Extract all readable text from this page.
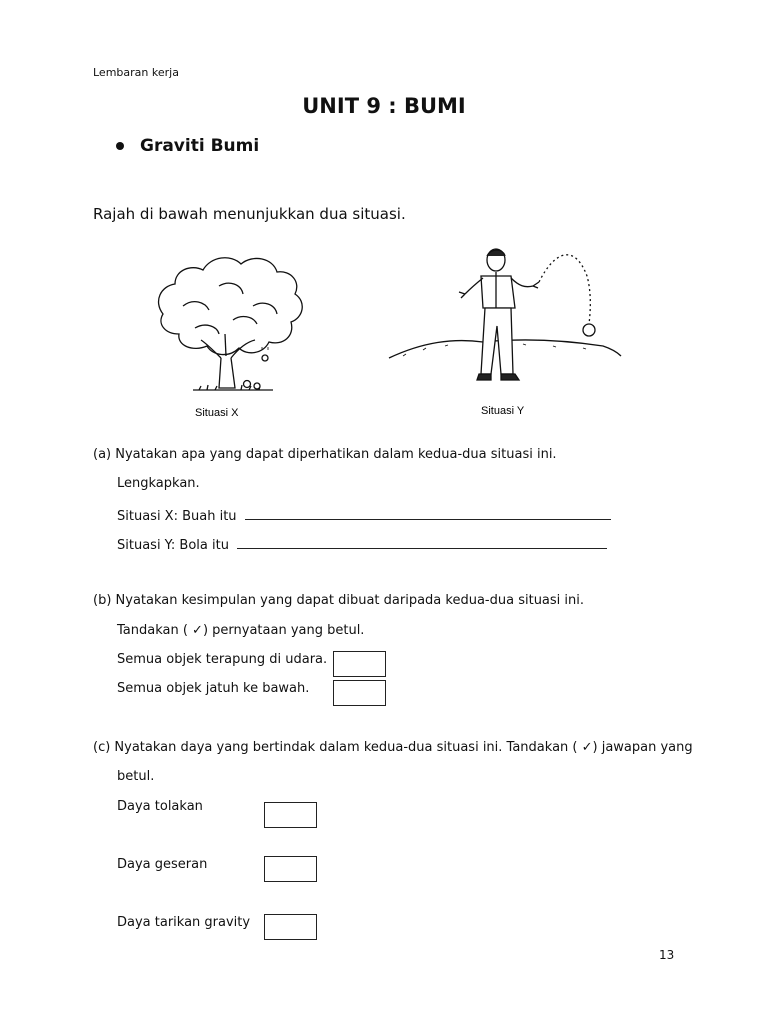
Lembaran kerja
UNIT 9 : BUMI
Graviti Bumi
Rajah di bawah menunjukkan dua situasi.
Situasi X	Situasi Y
(a) Nyatakan apa yang dapat diperhatikan dalam kedua-dua situasi ini.
Lengkapkan.
Situasi X: Buah itu
Situasi Y: Bola itu
(b) Nyatakan kesimpulan yang dapat dibuat daripada kedua-dua situasi ini.
Tandakan ( ✓) pernyataan yang betul.
Semua objek terapung di udara.
Semua objek jatuh ke bawah.
(c) Nyatakan daya yang bertindak dalam kedua-dua situasi ini. Tandakan ( ✓) jawapan yang
betul.
Daya tolakan
Daya geseran
Daya tarikan gravity
13
